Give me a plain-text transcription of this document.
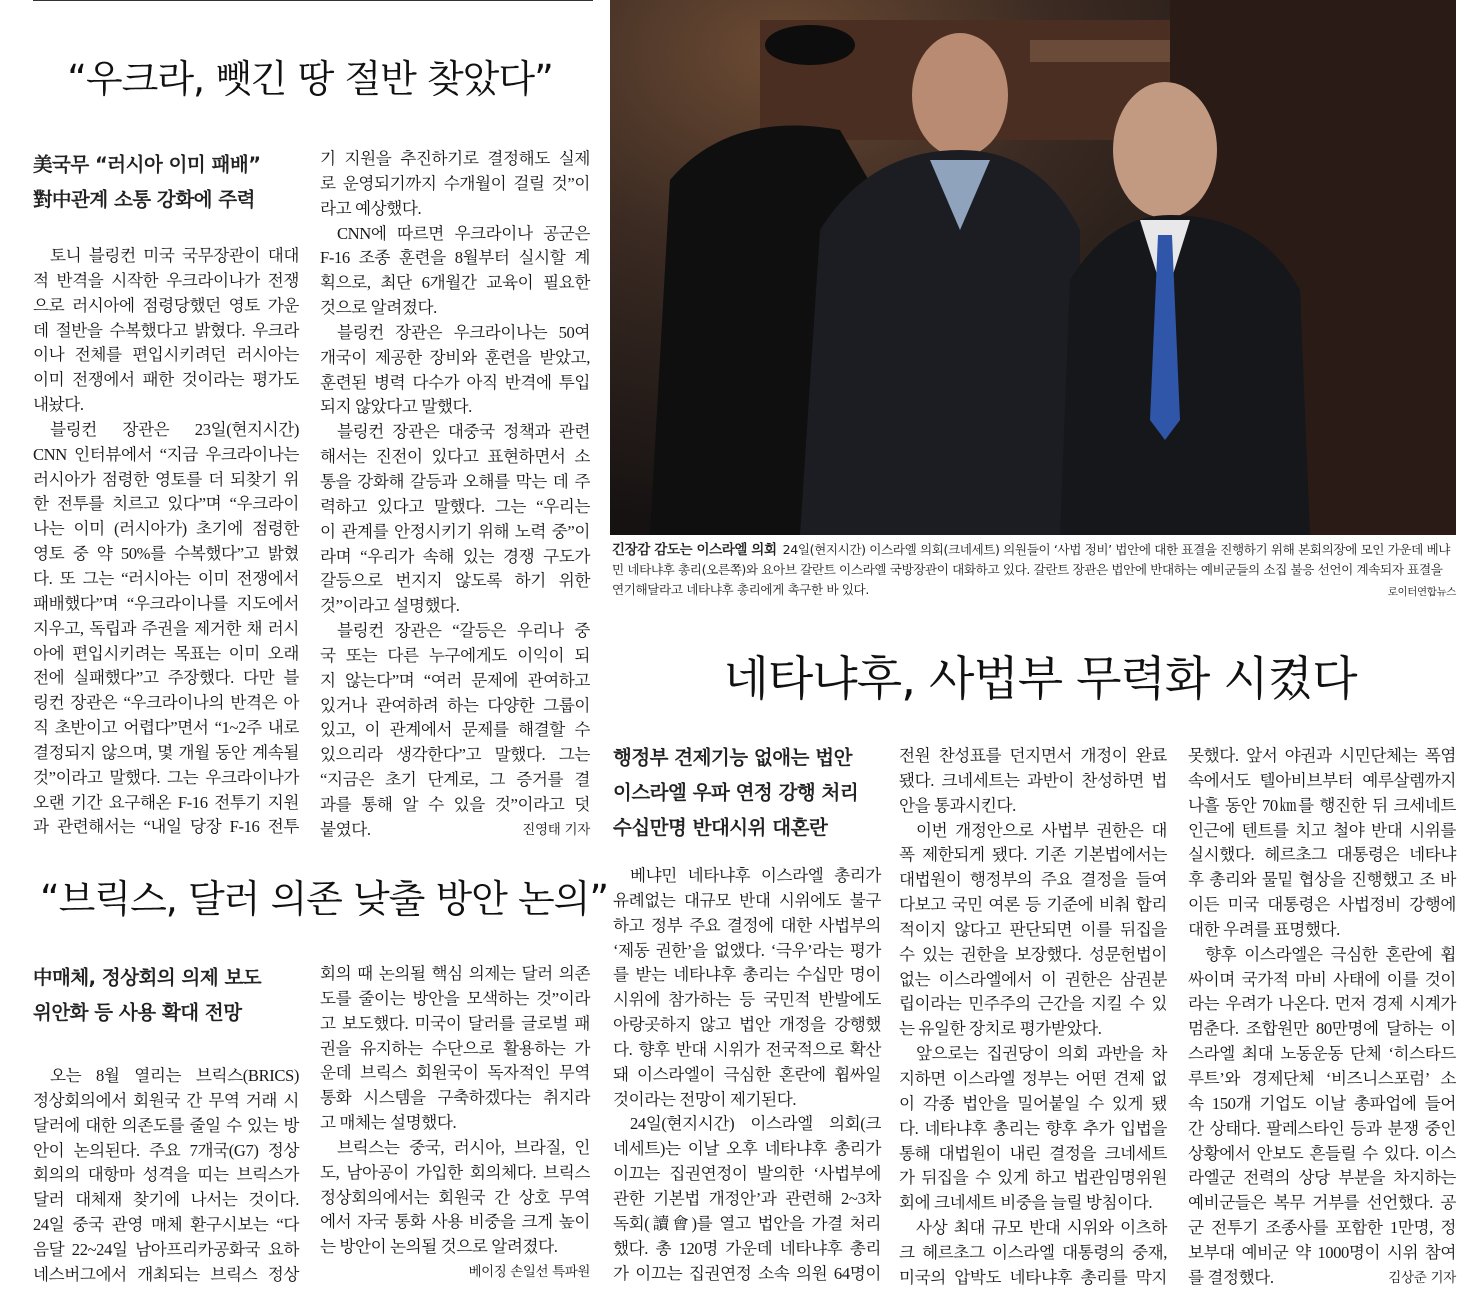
“우크라, 뺏긴 땅 절반 찾았다”
美국무 “러시아 이미 패배”
對中관계 소통 강화에 주력
토니 블링컨 미국 국무장관이 대대
적 반격을 시작한 우크라이나가 전쟁
으로 러시아에 점령당했던 영토 가운
데 절반을 수복했다고 밝혔다. 우크라
이나 전체를 편입시키려던 러시아는
이미 전쟁에서 패한 것이라는 평가도
내놨다.
블링컨 장관은 23일(현지시간)
CNN 인터뷰에서 “지금 우크라이나는
러시아가 점령한 영토를 더 되찾기 위
한 전투를 치르고 있다”며 “우크라이
나는 이미 (러시아가) 초기에 점령한
영토 중 약 50%를 수복했다”고 밝혔
다. 또 그는 “러시아는 이미 전쟁에서
패배했다”며 “우크라이나를 지도에서
지우고, 독립과 주권을 제거한 채 러시
아에 편입시키려는 목표는 이미 오래
전에 실패했다”고 주장했다. 다만 블
링컨 장관은 “우크라이나의 반격은 아
직 초반이고 어렵다”면서 “1~2주 내로
결정되지 않으며, 몇 개월 동안 계속될
것”이라고 말했다. 그는 우크라이나가
오랜 기간 요구해온 F-16 전투기 지원
과 관련해서는 “내일 당장 F-16 전투
기 지원을 추진하기로 결정해도 실제
로 운영되기까지 수개월이 걸릴 것”이
라고 예상했다.
CNN에 따르면 우크라이나 공군은
F-16 조종 훈련을 8월부터 실시할 계
획으로, 최단 6개월간 교육이 필요한
것으로 알려졌다.
블링컨 장관은 우크라이나는 50여
개국이 제공한 장비와 훈련을 받았고,
훈련된 병력 다수가 아직 반격에 투입
되지 않았다고 말했다.
블링컨 장관은 대중국 정책과 관련
해서는 진전이 있다고 표현하면서 소
통을 강화해 갈등과 오해를 막는 데 주
력하고 있다고 말했다. 그는 “우리는
이 관계를 안정시키기 위해 노력 중”이
라며 “우리가 속해 있는 경쟁 구도가
갈등으로 번지지 않도록 하기 위한
것”이라고 설명했다.
블링컨 장관은 “갈등은 우리나 중
국 또는 다른 누구에게도 이익이 되
지 않는다”며 “여러 문제에 관여하고
있거나 관여하려 하는 다양한 그룹이
있고, 이 관계에서 문제를 해결할 수
있으리라 생각한다”고 말했다. 그는
“지금은 초기 단계로, 그 증거를 결
과를 통해 알 수 있을 것”이라고 덧
진영태 기자
붙였다.
“브릭스, 달러 의존 낮출 방안 논의”
中매체, 정상회의 의제 보도
위안화 등 사용 확대 전망
오는 8월 열리는 브릭스(BRICS)
정상회의에서 회원국 간 무역 거래 시
달러에 대한 의존도를 줄일 수 있는 방
안이 논의된다. 주요 7개국(G7) 정상
회의의 대항마 성격을 띠는 브릭스가
달러 대체재 찾기에 나서는 것이다.
24일 중국 관영 매체 환구시보는 “다
음달 22~24일 남아프리카공화국 요하
네스버그에서 개최되는 브릭스 정상
회의 때 논의될 핵심 의제는 달러 의존
도를 줄이는 방안을 모색하는 것”이라
고 보도했다. 미국이 달러를 글로벌 패
권을 유지하는 수단으로 활용하는 가
운데 브릭스 회원국이 독자적인 무역
통화 시스템을 구축하겠다는 취지라
고 매체는 설명했다.
브릭스는 중국, 러시아, 브라질, 인
도, 남아공이 가입한 회의체다. 브릭스
정상회의에서는 회원국 간 상호 무역
에서 자국 통화 사용 비중을 크게 높이
는 방안이 논의될 것으로 알려졌다.
베이징 손일선 특파원
긴장감 감도는 이스라엘 의회 24일(현지시간) 이스라엘 의회(크네세트) 의원들이 ‘사법 정비’ 법안에 대한 표결을 진행하기 위해 본회의장에 모인 가운데 베냐민 네타냐후 총리(오른쪽)와 요아브 갈란트 이스라엘 국방장관이 대화하고 있다. 갈란트 장관은 법안에 반대하는 예비군들의 소집 불응 선언이 계속되자 표결을 연기해달라고 네타냐후 총리에게 촉구한 바 있다.	로이터연합뉴스
네타냐후, 사법부 무력화 시켰다
행정부 견제기능 없애는 법안
이스라엘 우파 연정 강행 처리
수십만명 반대시위 대혼란
베냐민 네타냐후 이스라엘 총리가
유례없는 대규모 반대 시위에도 불구
하고 정부 주요 결정에 대한 사법부의
‘제동 권한’을 없앴다. ‘극우’라는 평가
를 받는 네타냐후 총리는 수십만 명이
시위에 참가하는 등 국민적 반발에도
아랑곳하지 않고 법안 개정을 강행했
다. 향후 반대 시위가 전국적으로 확산
돼 이스라엘이 극심한 혼란에 휩싸일
것이라는 전망이 제기된다.
24일(현지시간) 이스라엘 의회(크
네세트)는 이날 오후 네타냐후 총리가
이끄는 집권연정이 발의한 ‘사법부에
관한 기본법 개정안’과 관련해 2~3차
독회(讀會)를 열고 법안을 가결 처리
했다. 총 120명 가운데 네타냐후 총리
가 이끄는 집권연정 소속 의원 64명이
전원 찬성표를 던지면서 개정이 완료
됐다. 크네세트는 과반이 찬성하면 법
안을 통과시킨다.
이번 개정안으로 사법부 권한은 대
폭 제한되게 됐다. 기존 기본법에서는
대법원이 행정부의 주요 결정을 들여
다보고 국민 여론 등 기준에 비춰 합리
적이지 않다고 판단되면 이를 뒤집을
수 있는 권한을 보장했다. 성문헌법이
없는 이스라엘에서 이 권한은 삼권분
립이라는 민주주의 근간을 지킬 수 있
는 유일한 장치로 평가받았다.
앞으로는 집권당이 의회 과반을 차
지하면 이스라엘 정부는 어떤 견제 없
이 각종 법안을 밀어붙일 수 있게 됐
다. 네타냐후 총리는 향후 추가 입법을
통해 대법원이 내린 결정을 크네세트
가 뒤집을 수 있게 하고 법관임명위원
회에 크네세트 비중을 늘릴 방침이다.
사상 최대 규모 반대 시위와 이츠하
크 헤르초그 이스라엘 대통령의 중재,
미국의 압박도 네타냐후 총리를 막지
못했다. 앞서 야권과 시민단체는 폭염
속에서도 텔아비브부터 예루살렘까지
나흘 동안 70㎞를 행진한 뒤 크세네트
인근에 텐트를 치고 철야 반대 시위를
실시했다. 헤르초그 대통령은 네타냐
후 총리와 물밑 협상을 진행했고 조 바
이든 미국 대통령은 사법정비 강행에
대한 우려를 표명했다.
향후 이스라엘은 극심한 혼란에 휩
싸이며 국가적 마비 사태에 이를 것이
라는 우려가 나온다. 먼저 경제 시계가
멈춘다. 조합원만 80만명에 달하는 이
스라엘 최대 노동운동 단체 ‘히스타드
루트’와 경제단체 ‘비즈니스포럼’ 소
속 150개 기업도 이날 총파업에 들어
간 상태다. 팔레스타인 등과 분쟁 중인
상황에서 안보도 흔들릴 수 있다. 이스
라엘군 전력의 상당 부분을 차지하는
예비군들은 복무 거부를 선언했다. 공
군 전투기 조종사를 포함한 1만명, 정
보부대 예비군 약 1000명이 시위 참여
김상준 기자
를 결정했다.
